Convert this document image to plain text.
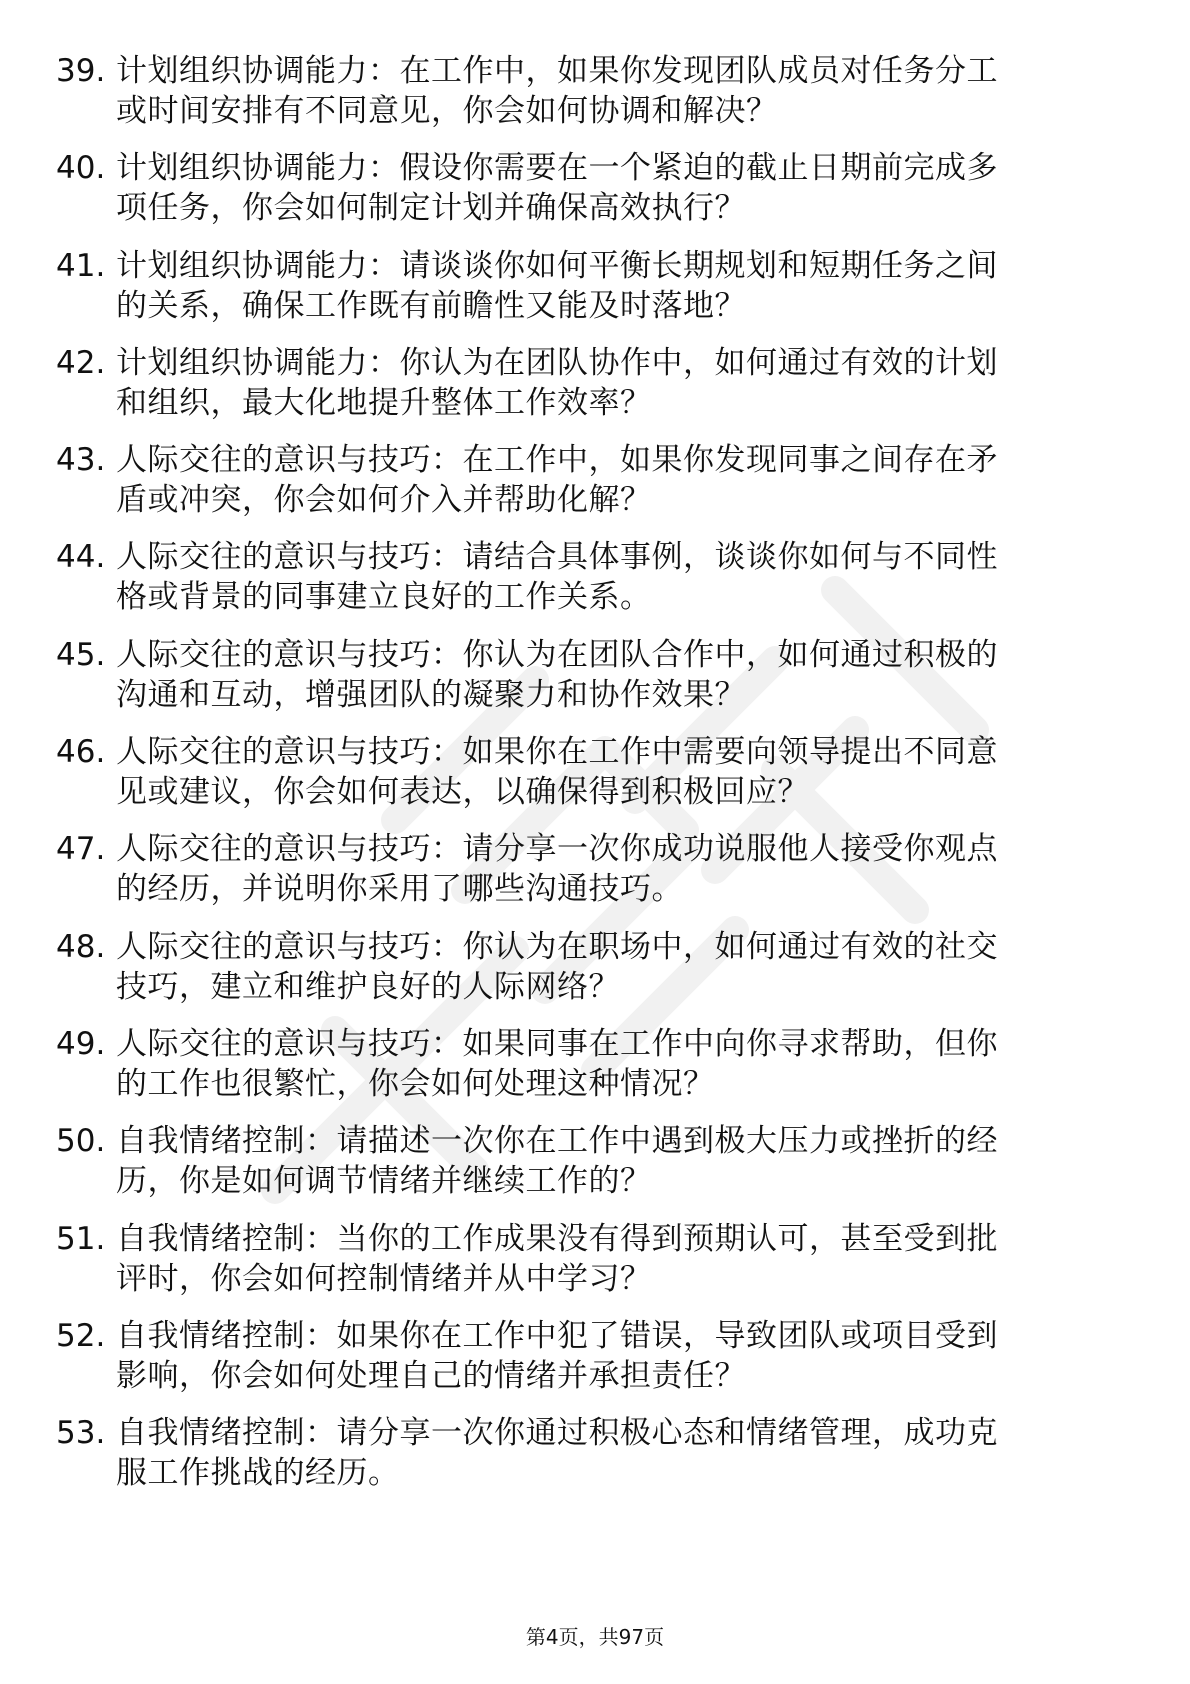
39. 计划组织协调能力：在工作中，如果你发现团队成员对任务分工
或时间安排有不同意见，你会如何协调和解决？
40. 计划组织协调能力：假设你需要在一个紧迫的截止日期前完成多
项任务，你会如何制定计划并确保高效执行？
41. 计划组织协调能力：请谈谈你如何平衡长期规划和短期任务之间
的关系，确保工作既有前瞻性又能及时落地？
42. 计划组织协调能力：你认为在团队协作中，如何通过有效的计划
和组织，最大化地提升整体工作效率？
43. 人际交往的意识与技巧：在工作中，如果你发现同事之间存在矛
盾或冲突，你会如何介入并帮助化解？
44. 人际交往的意识与技巧：请结合具体事例，谈谈你如何与不同性
格或背景的同事建立良好的工作关系。
45. 人际交往的意识与技巧：你认为在团队合作中，如何通过积极的
沟通和互动，增强团队的凝聚力和协作效果？
46. 人际交往的意识与技巧：如果你在工作中需要向领导提出不同意
见或建议，你会如何表达，以确保得到积极回应？
47. 人际交往的意识与技巧：请分享一次你成功说服他人接受你观点
的经历，并说明你采用了哪些沟通技巧。
48. 人际交往的意识与技巧：你认为在职场中，如何通过有效的社交
技巧，建立和维护良好的人际网络？
49. 人际交往的意识与技巧：如果同事在工作中向你寻求帮助，但你
的工作也很繁忙，你会如何处理这种情况？
50. 自我情绪控制：请描述一次你在工作中遇到极大压力或挫折的经
历，你是如何调节情绪并继续工作的？
51. 自我情绪控制：当你的工作成果没有得到预期认可，甚至受到批
评时，你会如何控制情绪并从中学习？
52. 自我情绪控制：如果你在工作中犯了错误，导致团队或项目受到
影响，你会如何处理自己的情绪并承担责任？
53. 自我情绪控制：请分享一次你通过积极心态和情绪管理，成功克
服工作挑战的经历。
第4页，共97页
